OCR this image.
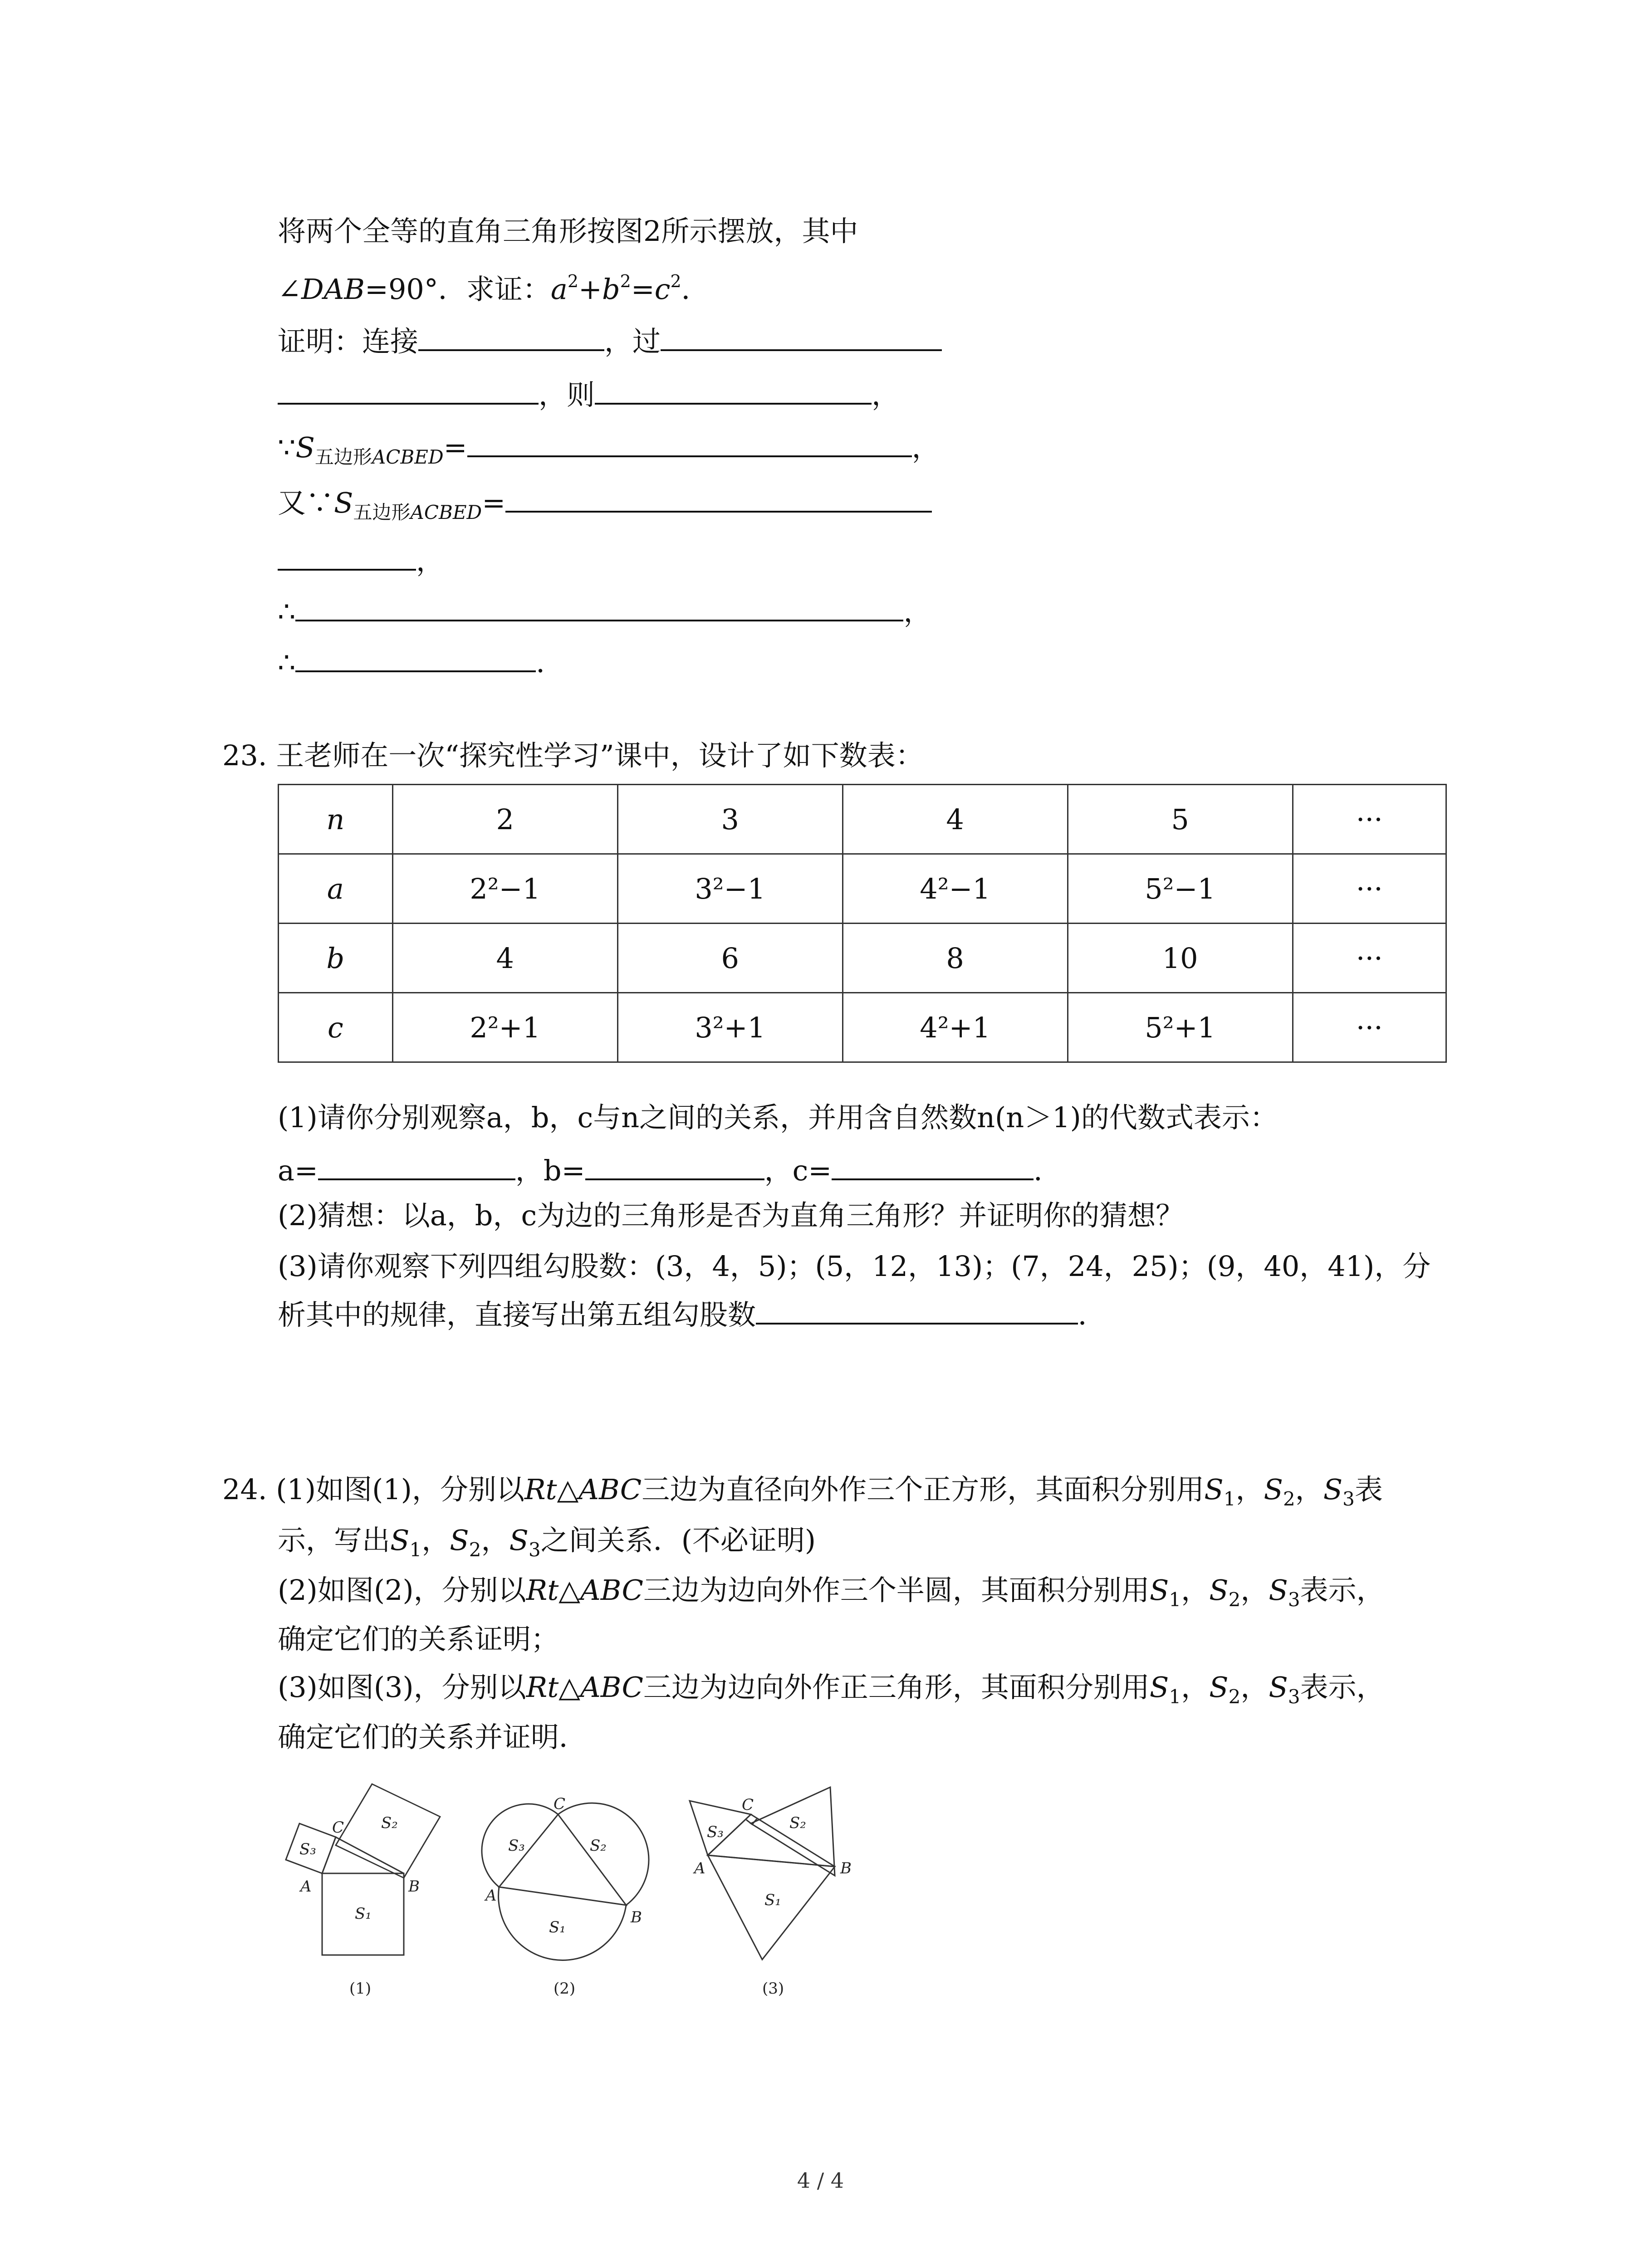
将两个全等的直角三角形按图2所示摆放，其中
∠DAB=90°．求证：$a^2+b^2=c^2$．
证明：连接	，过
，则	，
$\because S_{五边形ACBED}=$	，
又$\because S_{五边形ACBED}=$
，
∴	，
∴	．
23. 王老师在一次“探究性学习”课中，设计了如下数表：
n	2	3	4	5	···
a	2²−1	3²−1	4²−1	5²−1	···
b	4	6	8	10	···
c	2²+1	3²+1	4²+1	5²+1	···
(1)请你分别观察a，b，c与n之间的关系，并用含自然数n(n＞1)的代数式表示：
a=	，b=	，c=	．
(2)猜想：以a，b，c为边的三角形是否为直角三角形？并证明你的猜想？
(3)请你观察下列四组勾股数：(3，4，5)；(5，12，13)；(7，24，25)；(9，40，41)，分
析其中的规律，直接写出第五组勾股数	．
24. (1)如图(1)，分别以Rt△ABC三边为直径向外作三个正方形，其面积分别用$S_1$，$S_2$，$S_3$表
示，写出$S_1$，$S_2$，$S_3$之间关系．(不必证明)
(2)如图(2)，分别以Rt△ABC三边为边向外作三个半圆，其面积分别用$S_1$，$S_2$，$S_3$表示，
确定它们的关系证明；
(3)如图(3)，分别以Rt△ABC三边为边向外作正三角形，其面积分别用$S_1$，$S_2$，$S_3$表示，
确定它们的关系并证明．
C
A	B
S₁
S₂
S₃
C
A
B
S₁
S₂
S₃
C
A	B
S₁
S₂
S₃
(1)	(2)	(3)
4 / 4
